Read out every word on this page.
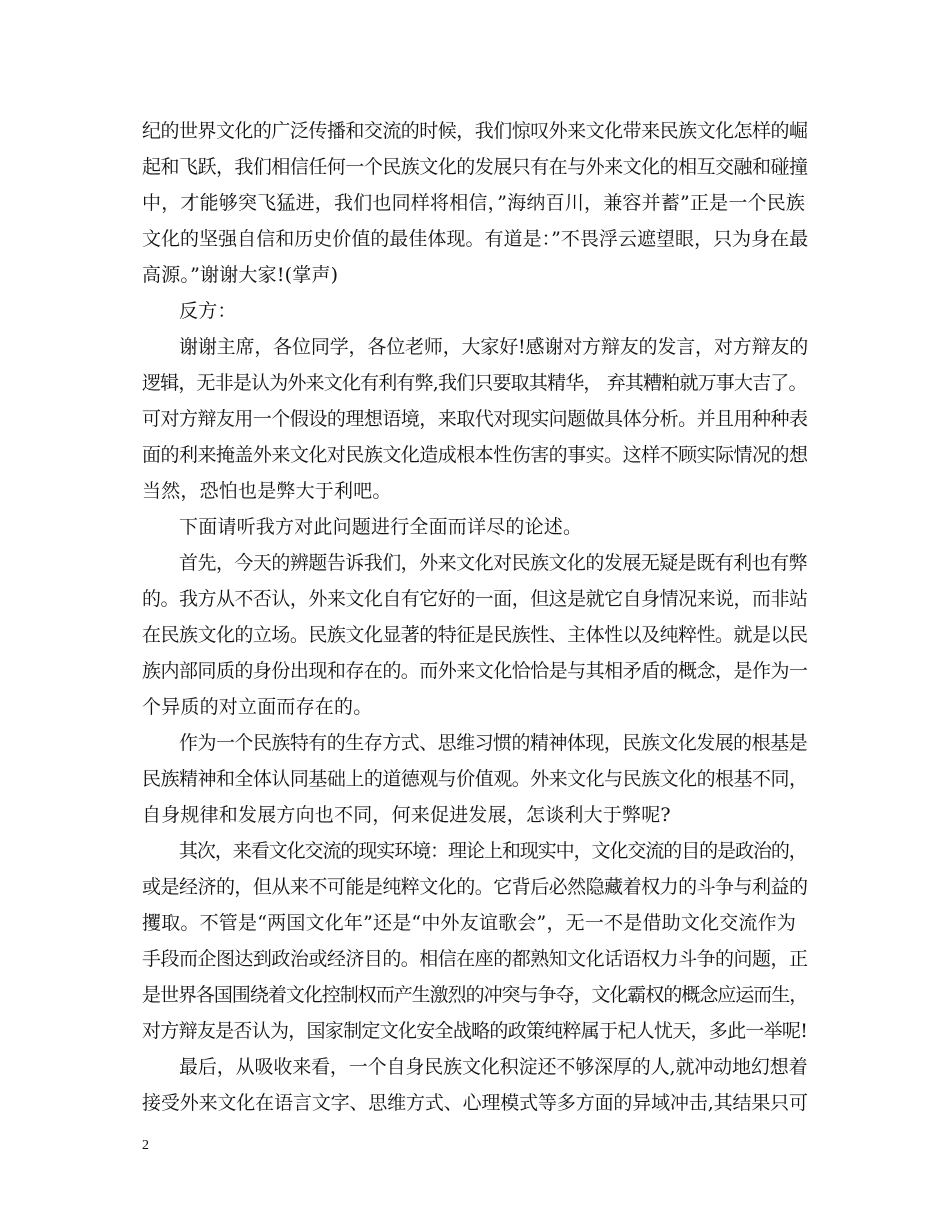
纪的世界文化的广泛传播和交流的时候，我们惊叹外来文化带来民族文化怎样的崛
起和飞跃，我们相信任何一个民族文化的发展只有在与外来文化的相互交融和碰撞
中，才能够突飞猛进，我们也同样将相信，”海纳百川，兼容并蓄”正是一个民族
文化的坚强自信和历史价值的最佳体现。有道是：”不畏浮云遮望眼，只为身在最
高源。”谢谢大家!(掌声)
反方：
谢谢主席，各位同学，各位老师，大家好!感谢对方辩友的发言，对方辩友的
逻辑，无非是认为外来文化有利有弊,我们只要取其精华， 弃其糟粕就万事大吉了。
可对方辩友用一个假设的理想语境，来取代对现实问题做具体分析。并且用种种表
面的利来掩盖外来文化对民族文化造成根本性伤害的事实。这样不顾实际情况的想
当然，恐怕也是弊大于利吧。
下面请听我方对此问题进行全面而详尽的论述。
首先，今天的辨题告诉我们，外来文化对民族文化的发展无疑是既有利也有弊
的。我方从不否认，外来文化自有它好的一面，但这是就它自身情况来说，而非站
在民族文化的立场。民族文化显著的特征是民族性、主体性以及纯粹性。就是以民
族内部同质的身份出现和存在的。而外来文化恰恰是与其相矛盾的概念，是作为一
个异质的对立面而存在的。
作为一个民族特有的生存方式、思维习惯的精神体现，民族文化发展的根基是
民族精神和全体认同基础上的道德观与价值观。外来文化与民族文化的根基不同，
自身规律和发展方向也不同，何来促进发展，怎谈利大于弊呢?
其次，来看文化交流的现实环境：理论上和现实中，文化交流的目的是政治的，
或是经济的，但从来不可能是纯粹文化的。它背后必然隐藏着权力的斗争与利益的
攫取。不管是“两国文化年”还是“中外友谊歌会”，无一不是借助文化交流作为
手段而企图达到政治或经济目的。相信在座的都熟知文化话语权力斗争的问题，正
是世界各国围绕着文化控制权而产生激烈的冲突与争夺，文化霸权的概念应运而生，
对方辩友是否认为，国家制定文化安全战略的政策纯粹属于杞人忧天，多此一举呢!
最后，从吸收来看，一个自身民族文化积淀还不够深厚的人,就冲动地幻想着
接受外来文化在语言文字、思维方式、心理模式等多方面的异域冲击,其结果只可
2
